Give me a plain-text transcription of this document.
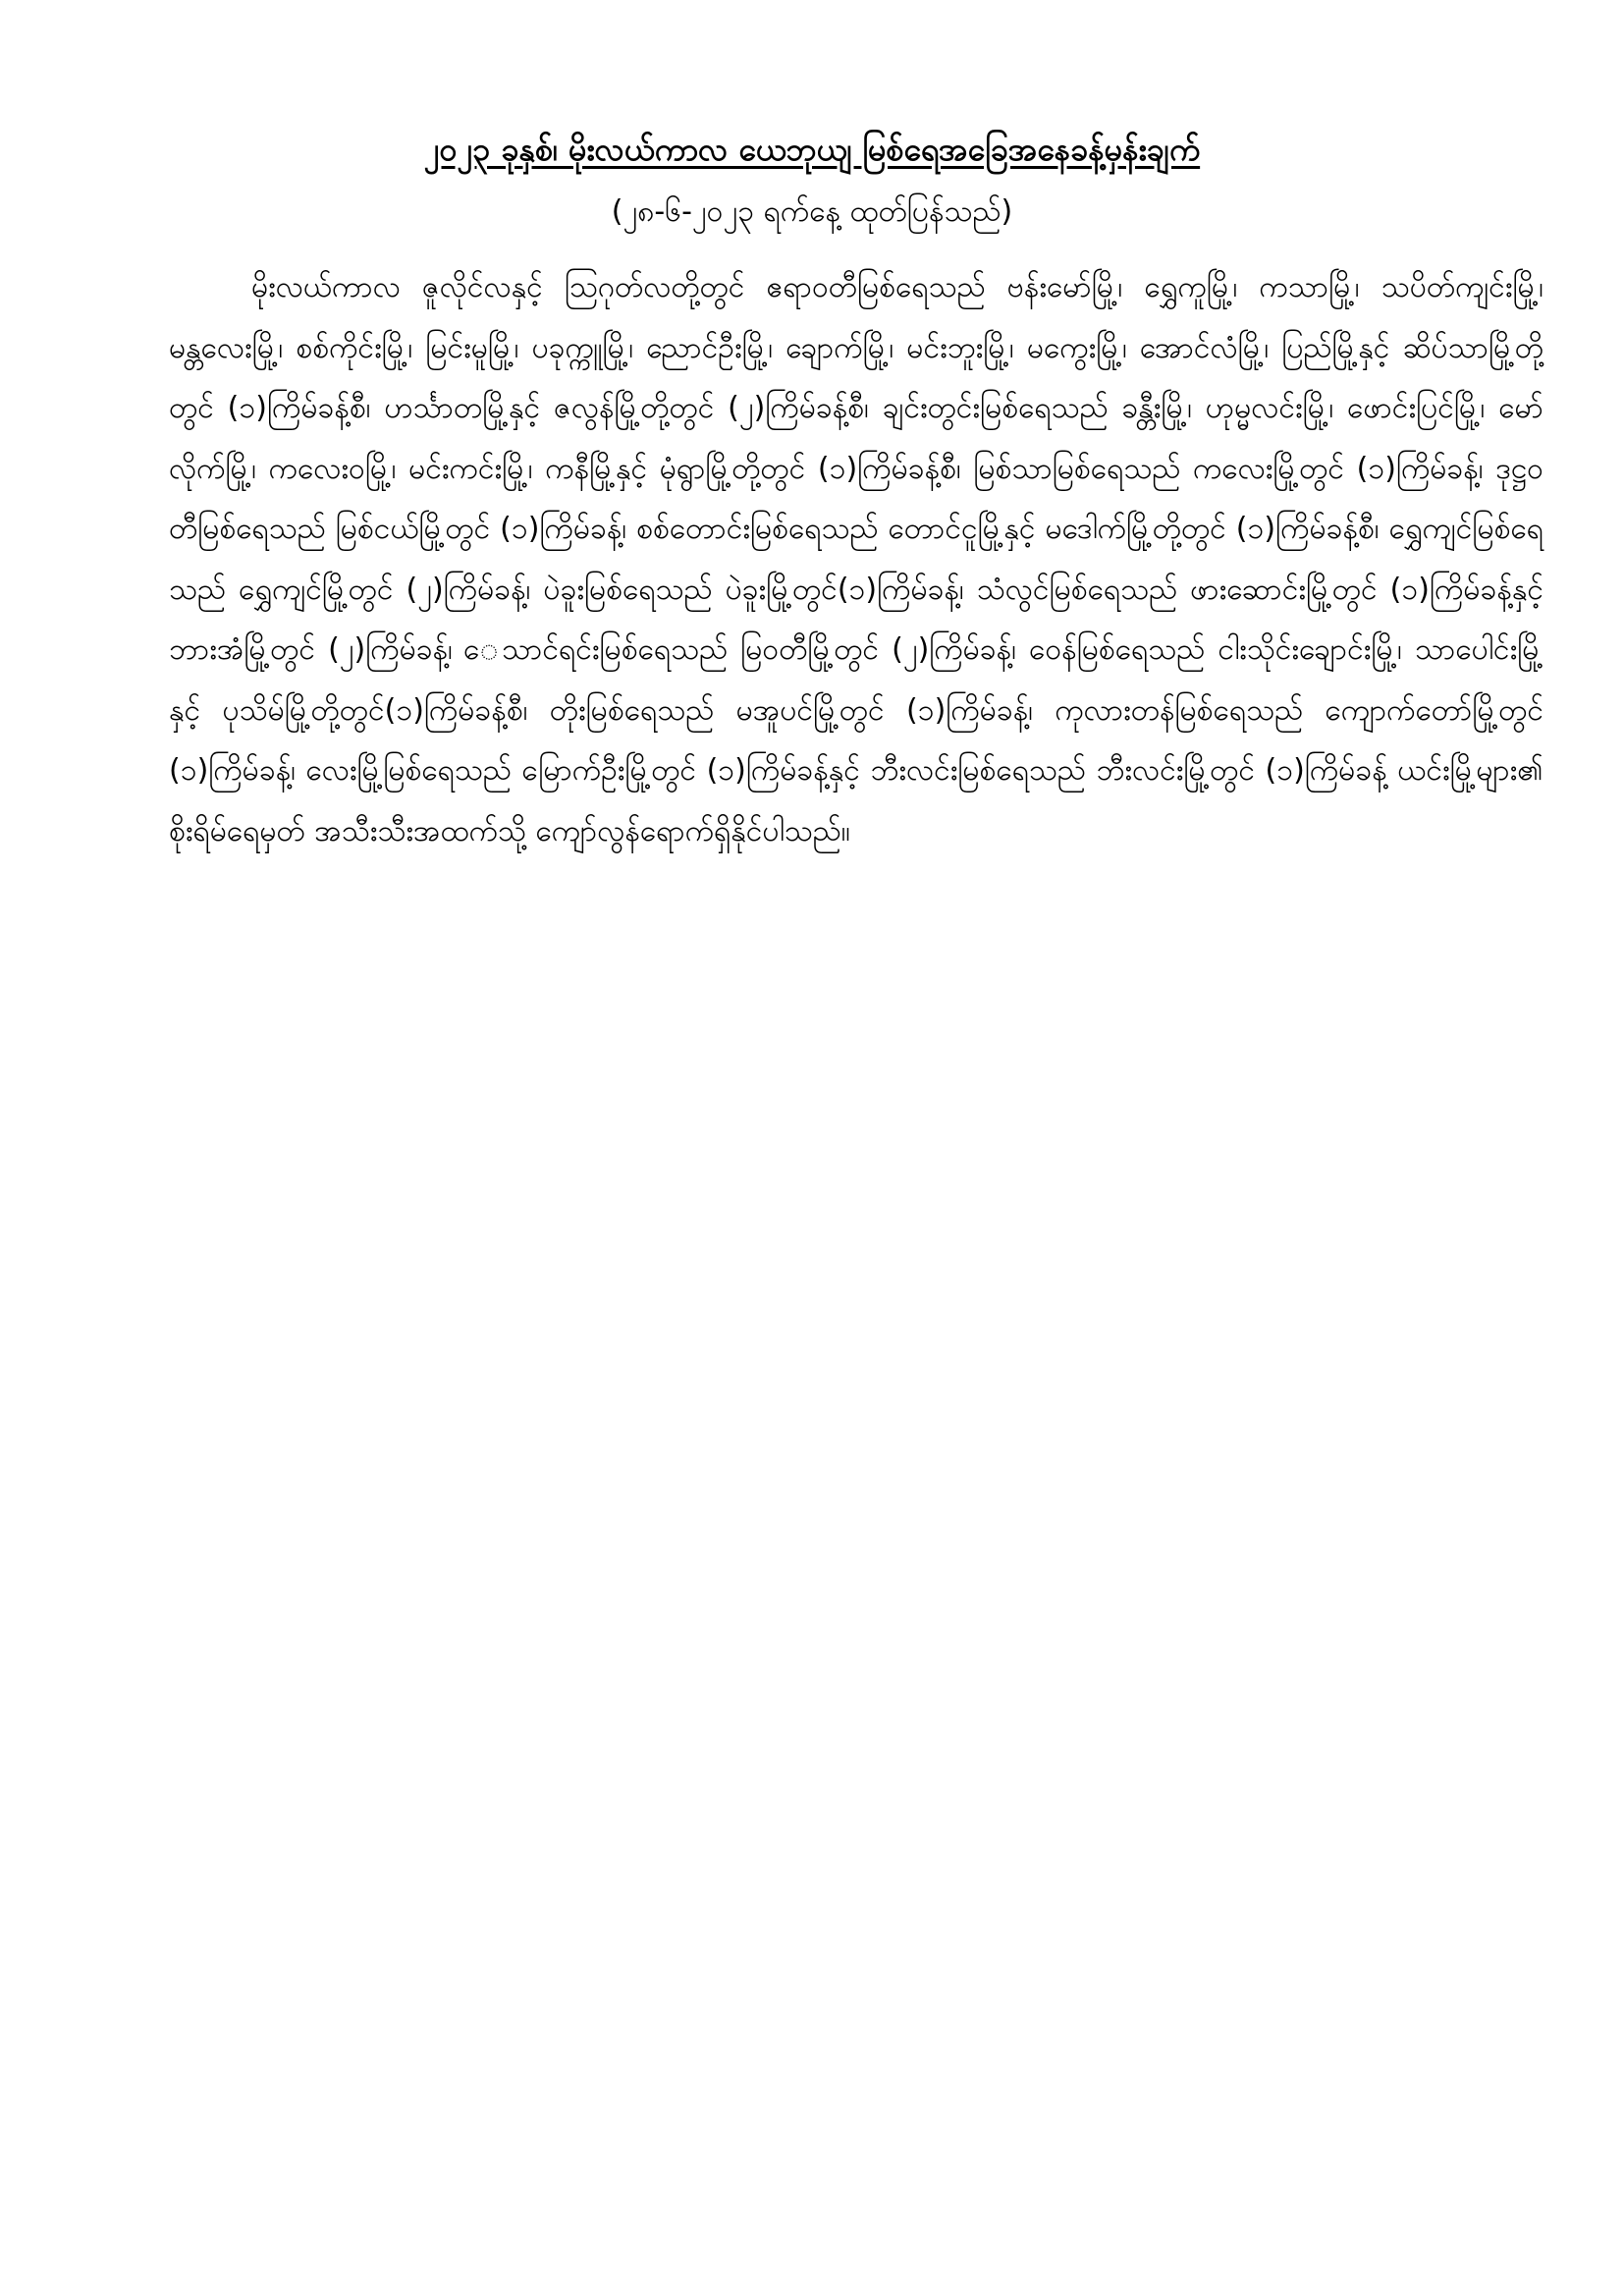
၂၀၂၃ ခုနှစ်၊ မိုးလယ်ကာလ ယေဘုယျ မြစ်ရေအခြေအနေခန့်မှန်းချက်
(၂၈-၆-၂၀၂၃ ရက်နေ့ ထုတ်ပြန်သည်)

မိုးလယ်ကာလ ဇူလိုင်လနှင့် ဩဂုတ်လတို့တွင် ဧရာဝတီမြစ်ရေသည် ဗန်းမော်မြို့၊ ရွှေကူမြို့၊ ကသာမြို့၊ သပိတ်ကျင်းမြို့၊ မန္တလေးမြို့၊ စစ်ကိုင်းမြို့၊ မြင်းမူမြို့၊ ပခုက္ကူမြို့၊ ညောင်ဦးမြို့၊ ချောက်မြို့၊ မင်းဘူးမြို့၊ မကွေးမြို့၊ အောင်လံမြို့၊ ပြည်မြို့နှင့် ဆိပ်သာမြို့တို့တွင် (၁)ကြိမ်ခန့်စီ၊ ဟင်္သာတမြို့နှင့် ဇလွန်မြို့တို့တွင် (၂)ကြိမ်ခန့်စီ၊ ချင်းတွင်းမြစ်ရေသည် ခန္တီးမြို့၊ ဟုမ္မလင်းမြို့၊ ဖောင်းပြင်မြို့၊ မော်လိုက်မြို့၊ ကလေးဝမြို့၊ မင်းကင်းမြို့၊ ကနီမြို့နှင့် မုံရွာမြို့တို့တွင် (၁)ကြိမ်ခန့်စီ၊ မြစ်သာမြစ်ရေသည် ကလေးမြို့တွင် (၁)ကြိမ်ခန့်၊ ဒုဋ္ဌဝတီမြစ်ရေသည် မြစ်ငယ်မြို့တွင် (၁)ကြိမ်ခန့်၊ စစ်တောင်းမြစ်ရေသည် တောင်ငူမြို့နှင့် မဒေါက်မြို့တို့တွင် (၁)ကြိမ်ခန့်စီ၊ ရွှေကျင်မြစ်ရေသည် ရွှေကျင်မြို့တွင် (၂)ကြိမ်ခန့်၊ ပဲခူးမြစ်ရေသည် ပဲခူးမြို့တွင်(၁)ကြိမ်ခန့်၊ သံလွင်မြစ်ရေသည် ဖားဆောင်းမြို့တွင် (၁)ကြိမ်ခန့်နှင့် ဘားအံမြို့တွင် (၂)ကြိမ်ခန့်၊ ေသာင်ရင်းမြစ်ရေသည် မြဝတီမြို့တွင် (၂)ကြိမ်ခန့်၊ ဝေန်မြစ်ရေသည် ငါးသိုင်းချောင်းမြို့၊ သာပေါင်းမြို့နှင့် ပုသိမ်မြို့တို့တွင်(၁)ကြိမ်ခန့်စီ၊ တိုးမြစ်ရေသည် မအူပင်မြို့တွင် (၁)ကြိမ်ခန့်၊ ကုလားတန်မြစ်ရေသည် ကျောက်တော်မြို့တွင် (၁)ကြိမ်ခန့်၊ လေးမြို့မြစ်ရေသည် မြောက်ဦးမြို့တွင် (၁)ကြိမ်ခန့်နှင့် ဘီးလင်းမြစ်ရေသည် ဘီးလင်းမြို့တွင် (၁)ကြိမ်ခန့် ယင်းမြို့များ၏ စိုးရိမ်ရေမှတ် အသီးသီးအထက်သို့ ကျော်လွန်ရောက်ရှိနိုင်ပါသည်။
